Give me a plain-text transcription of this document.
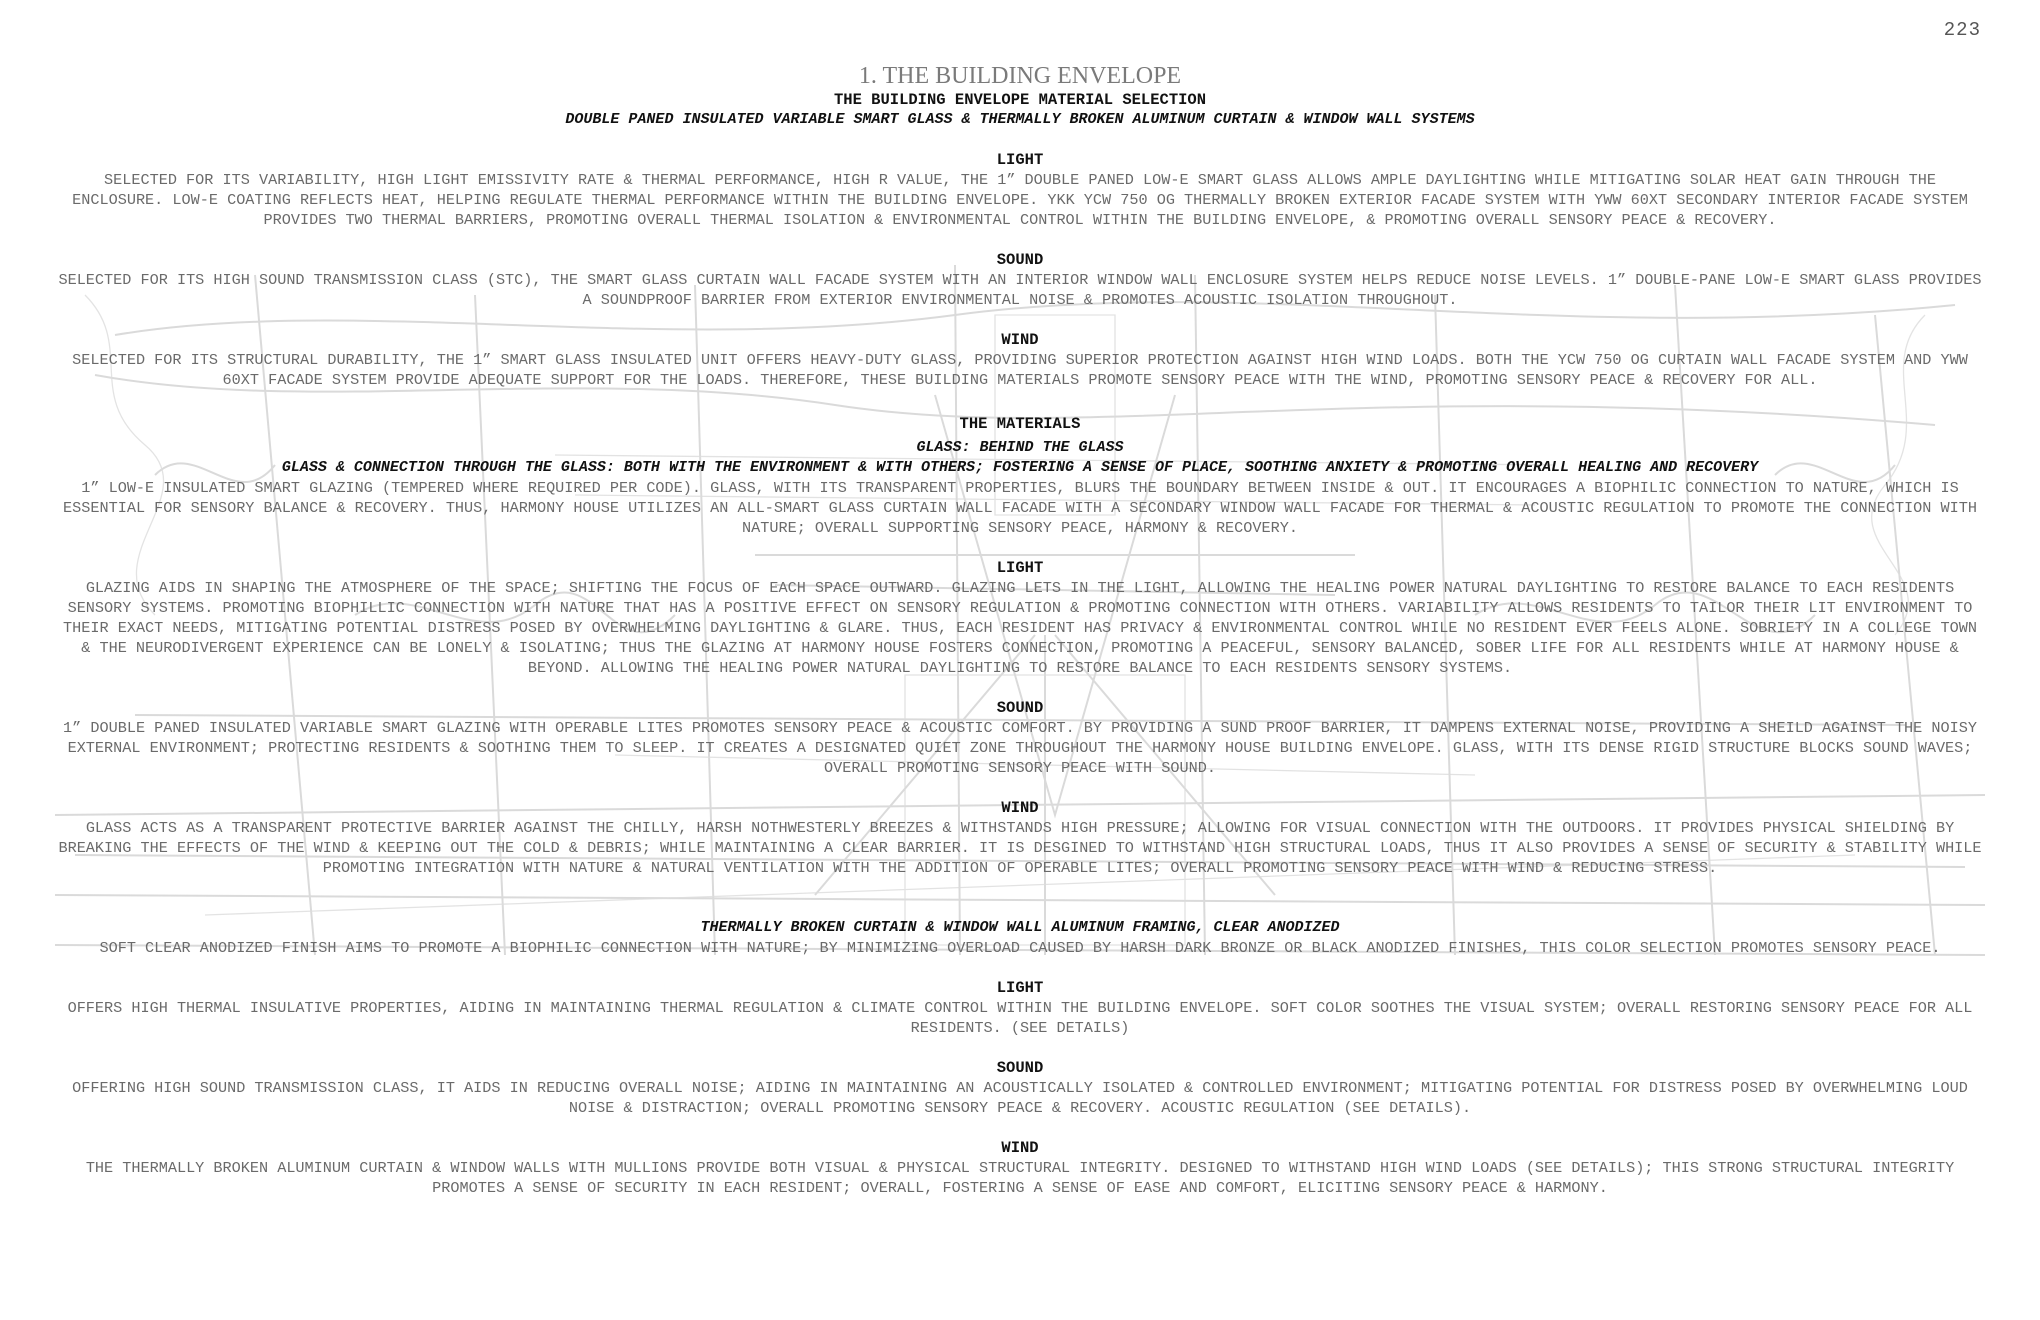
223

1. THE BUILDING ENVELOPE

THE BUILDING ENVELOPE MATERIAL SELECTION

DOUBLE PANED INSULATED VARIABLE SMART GLASS & THERMALLY BROKEN ALUMINUM CURTAIN & WINDOW WALL SYSTEMS

LIGHT

SELECTED FOR ITS VARIABILITY, HIGH LIGHT EMISSIVITY RATE & THERMAL PERFORMANCE, HIGH R VALUE, THE 1” DOUBLE PANED LOW-E SMART GLASS ALLOWS AMPLE DAYLIGHTING WHILE MITIGATING SOLAR HEAT GAIN THROUGH THE ENCLOSURE. LOW-E COATING REFLECTS HEAT, HELPING REGULATE THERMAL PERFORMANCE WITHIN THE BUILDING ENVELOPE. YKK YCW 750 OG THERMALLY BROKEN EXTERIOR FACADE SYSTEM WITH YWW 60XT SECONDARY INTERIOR FACADE SYSTEM PROVIDES TWO THERMAL BARRIERS, PROMOTING OVERALL THERMAL ISOLATION & ENVIRONMENTAL CONTROL WITHIN THE BUILDING ENVELOPE, & PROMOTING OVERALL SENSORY PEACE & RECOVERY.

SOUND

SELECTED FOR ITS HIGH SOUND TRANSMISSION CLASS (STC), THE SMART GLASS CURTAIN WALL FACADE SYSTEM WITH AN INTERIOR WINDOW WALL ENCLOSURE SYSTEM HELPS REDUCE NOISE LEVELS. 1” DOUBLE-PANE LOW-E SMART GLASS PROVIDES A SOUNDPROOF BARRIER FROM EXTERIOR ENVIRONMENTAL NOISE & PROMOTES ACOUSTIC ISOLATION THROUGHOUT.

WIND

SELECTED FOR ITS STRUCTURAL DURABILITY, THE 1” SMART GLASS INSULATED UNIT OFFERS HEAVY-DUTY GLASS, PROVIDING SUPERIOR PROTECTION AGAINST HIGH WIND LOADS. BOTH THE YCW 750 OG CURTAIN WALL FACADE SYSTEM AND YWW 60XT FACADE SYSTEM PROVIDE ADEQUATE SUPPORT FOR THE LOADS. THEREFORE, THESE BUILDING MATERIALS PROMOTE SENSORY PEACE WITH THE WIND, PROMOTING SENSORY PEACE & RECOVERY FOR ALL.

THE MATERIALS

GLASS: BEHIND THE GLASS

GLASS & CONNECTION THROUGH THE GLASS: BOTH WITH THE ENVIRONMENT & WITH OTHERS; FOSTERING A SENSE OF PLACE, SOOTHING ANXIETY & PROMOTING OVERALL HEALING AND RECOVERY

1” LOW-E INSULATED SMART GLAZING (TEMPERED WHERE REQUIRED PER CODE). GLASS, WITH ITS TRANSPARENT PROPERTIES, BLURS THE BOUNDARY BETWEEN INSIDE & OUT. IT ENCOURAGES A BIOPHILIC CONNECTION TO NATURE, WHICH IS ESSENTIAL FOR SENSORY BALANCE & RECOVERY. THUS, HARMONY HOUSE UTILIZES AN ALL-SMART GLASS CURTAIN WALL FACADE WITH A SECONDARY WINDOW WALL FACADE FOR THERMAL & ACOUSTIC REGULATION TO PROMOTE THE CONNECTION WITH NATURE; OVERALL SUPPORTING SENSORY PEACE, HARMONY & RECOVERY.

LIGHT

GLAZING AIDS IN SHAPING THE ATMOSPHERE OF THE SPACE; SHIFTING THE FOCUS OF EACH SPACE OUTWARD. GLAZING LETS IN THE LIGHT, ALLOWING THE HEALING POWER NATURAL DAYLIGHTING TO RESTORE BALANCE TO EACH RESIDENTS SENSORY SYSTEMS. PROMOTING BIOPHILLIC CONNECTION WITH NATURE THAT HAS A POSITIVE EFFECT ON SENSORY REGULATION & PROMOTING CONNECTION WITH OTHERS. VARIABILITY ALLOWS RESIDENTS TO TAILOR THEIR LIT ENVIRONMENT TO THEIR EXACT NEEDS, MITIGATING POTENTIAL DISTRESS POSED BY OVERWHELMING DAYLIGHTING & GLARE. THUS, EACH RESIDENT HAS PRIVACY & ENVIRONMENTAL CONTROL WHILE NO RESIDENT EVER FEELS ALONE. SOBRIETY IN A COLLEGE TOWN & THE NEURODIVERGENT EXPERIENCE CAN BE LONELY & ISOLATING; THUS THE GLAZING AT HARMONY HOUSE FOSTERS CONNECTION, PROMOTING A PEACEFUL, SENSORY BALANCED, SOBER LIFE FOR ALL RESIDENTS WHILE AT HARMONY HOUSE & BEYOND. ALLOWING THE HEALING POWER NATURAL DAYLIGHTING TO RESTORE BALANCE TO EACH RESIDENTS SENSORY SYSTEMS.

SOUND

1” DOUBLE PANED INSULATED VARIABLE SMART GLAZING WITH OPERABLE LITES PROMOTES SENSORY PEACE & ACOUSTIC COMFORT. BY PROVIDING A SUND PROOF BARRIER, IT DAMPENS EXTERNAL NOISE, PROVIDING A SHEILD AGAINST THE NOISY EXTERNAL ENVIRONMENT; PROTECTING RESIDENTS & SOOTHING THEM TO SLEEP. IT CREATES A DESIGNATED QUIET ZONE THROUGHOUT THE HARMONY HOUSE BUILDING ENVELOPE. GLASS, WITH ITS DENSE RIGID STRUCTURE BLOCKS SOUND WAVES; OVERALL PROMOTING SENSORY PEACE WITH SOUND.

WIND

GLASS ACTS AS A TRANSPARENT PROTECTIVE BARRIER AGAINST THE CHILLY, HARSH NOTHWESTERLY BREEZES & WITHSTANDS HIGH PRESSURE; ALLOWING FOR VISUAL CONNECTION WITH THE OUTDOORS. IT PROVIDES PHYSICAL SHIELDING BY BREAKING THE EFFECTS OF THE WIND & KEEPING OUT THE COLD & DEBRIS; WHILE MAINTAINING A CLEAR BARRIER. IT IS DESGINED TO WITHSTAND HIGH STRUCTURAL LOADS, THUS IT ALSO PROVIDES A SENSE OF SECURITY & STABILITY WHILE PROMOTING INTEGRATION WITH NATURE & NATURAL VENTILATION WITH THE ADDITION OF OPERABLE LITES; OVERALL PROMOTING SENSORY PEACE WITH WIND & REDUCING STRESS.

THERMALLY BROKEN CURTAIN & WINDOW WALL ALUMINUM FRAMING, CLEAR ANODIZED

SOFT CLEAR ANODIZED FINISH AIMS TO PROMOTE A BIOPHILIC CONNECTION WITH NATURE; BY MINIMIZING OVERLOAD CAUSED BY HARSH DARK BRONZE OR BLACK ANODIZED FINISHES, THIS COLOR SELECTION PROMOTES SENSORY PEACE.

LIGHT

OFFERS HIGH THERMAL INSULATIVE PROPERTIES, AIDING IN MAINTAINING THERMAL REGULATION & CLIMATE CONTROL WITHIN THE BUILDING ENVELOPE. SOFT COLOR SOOTHES THE VISUAL SYSTEM; OVERALL RESTORING SENSORY PEACE FOR ALL RESIDENTS. (SEE DETAILS)

SOUND

OFFERING HIGH SOUND TRANSMISSION CLASS, IT AIDS IN REDUCING OVERALL NOISE; AIDING IN MAINTAINING AN ACOUSTICALLY ISOLATED & CONTROLLED ENVIRONMENT; MITIGATING POTENTIAL FOR DISTRESS POSED BY OVERWHELMING LOUD NOISE & DISTRACTION; OVERALL PROMOTING SENSORY PEACE & RECOVERY. ACOUSTIC REGULATION (SEE DETAILS).

WIND

THE THERMALLY BROKEN ALUMINUM CURTAIN & WINDOW WALLS WITH MULLIONS PROVIDE BOTH VISUAL & PHYSICAL STRUCTURAL INTEGRITY. DESIGNED TO WITHSTAND HIGH WIND LOADS (SEE DETAILS); THIS STRONG STRUCTURAL INTEGRITY PROMOTES A SENSE OF SECURITY IN EACH RESIDENT; OVERALL, FOSTERING A SENSE OF EASE AND COMFORT, ELICITING SENSORY PEACE & HARMONY.
